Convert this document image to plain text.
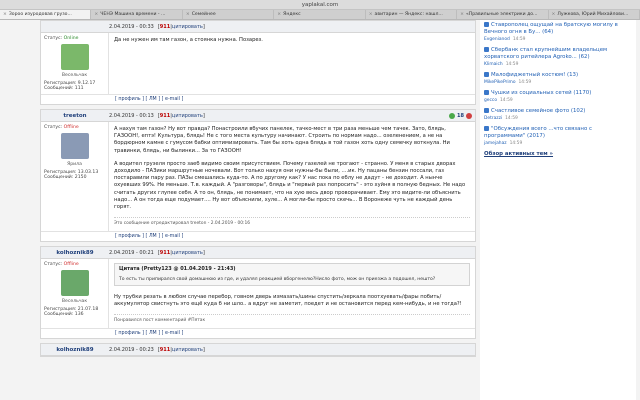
yaplakal.com
× Зороо изуродовав грузо...	× ЧЕНЭ Машина времени - ...	× Семейнее	× Яндекс	× авитарин — Яндекс: нашл...	× «Правильные электрики до...	× Лужкова, Юрий Михайлови...
2.04.2019 - 00:33 [911|цитировать]
Статус: Online
Весельчак
Регистрация: 9.12.17
Сообщений: 111

Да не нужен им там газон, а стоянка нужна. Позарез.

[ профиль ] [ ЛМ ] [ e-mail ]
treeton	2.04.2019 - 00:13 [911|цитировать]	18
Статус: Offline
Ярила
Регистрация: 13.03.13
Сообщений: 2150

А нахуя там газон? Ну вот правда? Понастроили вбучих панелек, тачко-мест в три раза меньше чем тачек. Зато, блядь, ГАЗООН!, ептэ! Культура, блядь! Не с того места культуру начинают. Строить по нормам надо... озеленением, а не на бордюрном камне с гумусом бабки оптимизировать. Там бы хоть одна блядь в той газон хоть одну семечку воткнула. Ни травинки, блядь, ни былинки... За то ГАЗООН!

А водител грузеля просто заеб видимо своим присутствием. Почему газелей не трогают - странно. У меня в старых дворах доходило - ПАЗики маршрутные ночевали. Вот только нахуя они нужны-бы были, ....ик. Ну пацаны бензин поссали, газ постаравили пару раз. ПАЗы смешались куда-то. А по другому как? У нас пока по еблу не дадут - не доходит. А нынче охуевших 99%. Не меньше. Т.в. каждый. А "разговоры", блядь и "первый раз попросить" - это хуйня в полную бедных. Не надо считать других глупее себя. А то он, блядь, не понимает, что на хую весь двор проворачивает. Ему это видите-ли объяснить надо... А он тогда еще подумает.... Ну вот объяснили, хуле... А могли-бы просто скечь... В Воронеже чуть не каждый день горят.

Это сообщение отредактировал treeton - 2.04.2019 - 00:16
[ профиль ] [ ЛМ ] [ e-mail ]
kolhoznik89	2.04.2019 - 00:21 [911|цитировать]
Статус: Offline
Весельчак
Регистрация: 21.07.18
Сообщений: 136
Цитата (Pretty123 @ 01.04.2019 - 21:43)
То есть ты припирался свой домашнюю из где, и удалял реакцией вборгенелю?Нисло фото, мож он приезжа а подошел, нешто?

Ну трубки резать в любом случае перебор, говном дверь измазать/шины спустить/зеркала поотхуевать/фары побить/аккумулятор свистнуть это ещё куда б ни шло.. а вдруг не заметит, поедет и не остановится перед кем-нибудь, и не тогда?!

Понравился пост комментарий #Пятак
[ профиль ] [ ЛМ ] [ e-mail ]
kolhoznik89	2.04.2019 - 00:23 [911|цитировать]
Ставрополец ощущай на братскую могилу в Вечного огня в Бу... (64)
Evgenianod 14:59
Сбербанк стал крупнейшим владельцем хорватского ритейлера Agroko... (62)
Klimaich 14:59
Малофиджетный костюм! (13)
MikePikePrimo 14:59
Чушки из социальных сетей (1170)
gecco 14:59
Счастливое семейное фото (102)
Detrazzi 14:59
"Обсуждения всего ...что связано с программами" (2017)
jamejahaz 14:59
Обзор активных тем »
